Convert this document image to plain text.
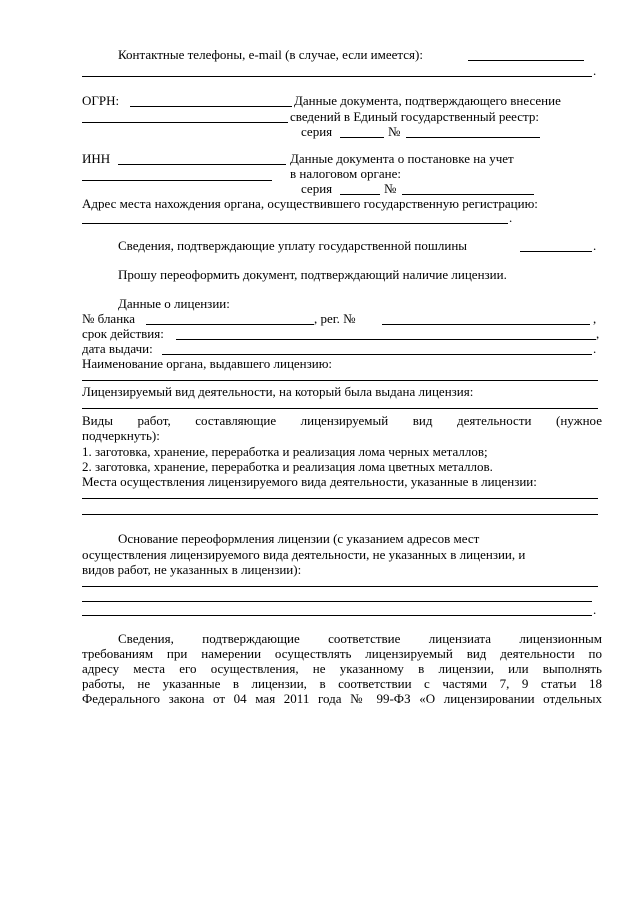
Контактные телефоны, e-mail (в случае, если имеется):
.
ОГРН:	Данные документа, подтверждающего внесение
сведений в Единый государственный реестр:
серия	№
ИНН	Данные документа о постановке на учет
в налоговом органе:
серия	№
Адрес места нахождения органа, осуществившего государственную регистрацию:
.
Сведения, подтверждающие уплату государственной пошлины	.
Прошу переоформить документ, подтверждающий наличие лицензии.
Данные о лицензии:
№ бланка	, рег. №	,
срок действия:	,
дата выдачи:	.
Наименование органа, выдавшего лицензию:
Лицензируемый вид деятельности, на который была выдана лицензия:
Виды работ, составляющие лицензируемый вид деятельности (нужное
подчеркнуть):
1. заготовка, хранение, переработка и реализация лома черных металлов;
2. заготовка, хранение, переработка и реализация лома цветных металлов.
Места осуществления лицензируемого вида деятельности, указанные в лицензии:
Основание переоформления лицензии (с указанием адресов мест
осуществления лицензируемого вида деятельности, не указанных в лицензии, и
видов работ, не указанных в лицензии):
.
Сведения, подтверждающие соответствие лицензиата лицензионным
требованиям при намерении осуществлять лицензируемый вид деятельности по
адресу места его осуществления, не указанному в лицензии, или выполнять
работы, не указанные в лицензии, в соответствии с частями 7, 9 статьи 18
Федерального закона от 04 мая 2011 года № 99-ФЗ «О лицензировании отдельных
